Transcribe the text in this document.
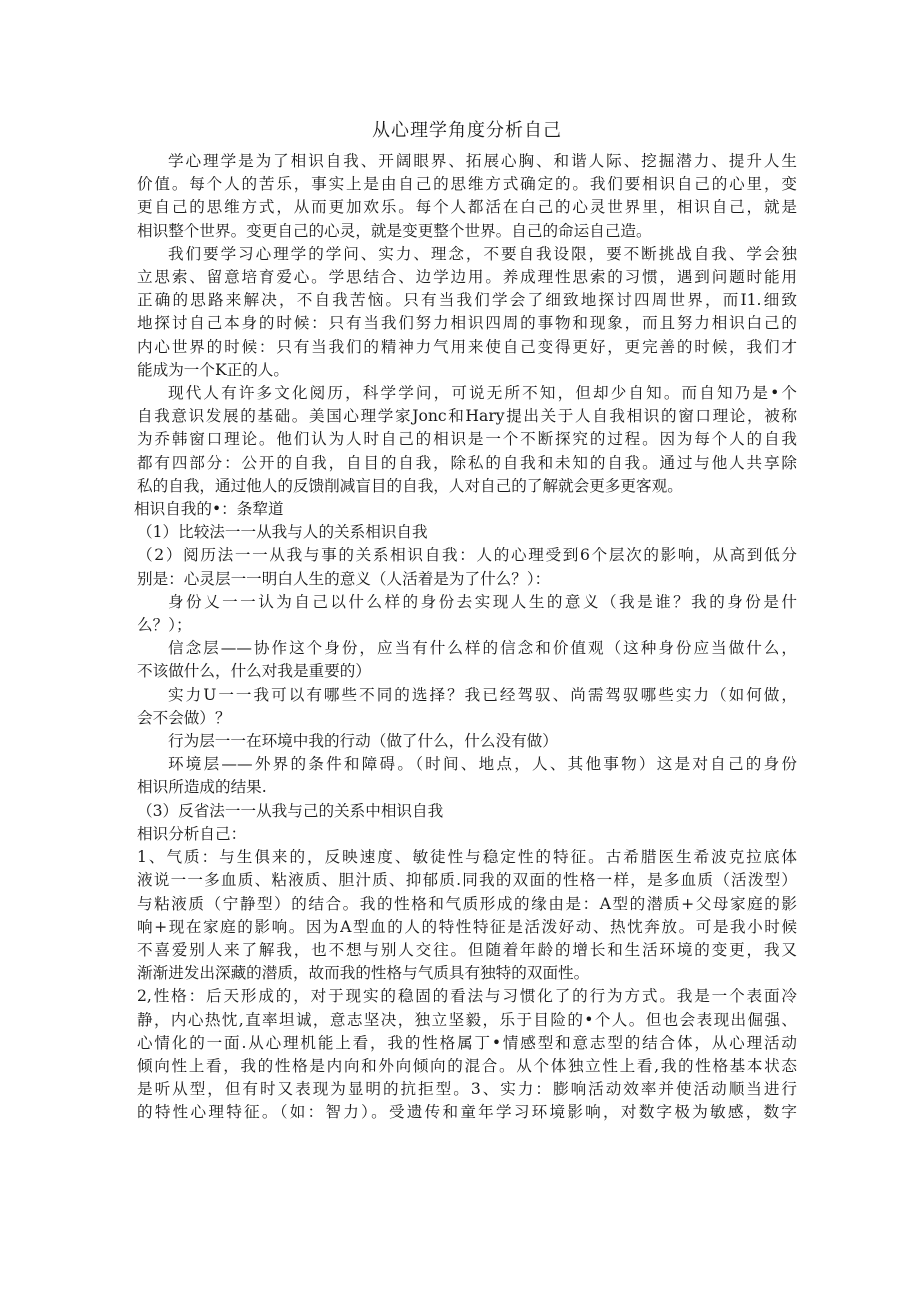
从心理学角度分析自己
学心理学是为了相识自我、开阔眼界、拓展心胸、和谐人际、挖掘潜力、提升人生
价值。每个人的苦乐，事实上是由自己的思维方式确定的。我们要相识自己的心里，变
更自己的思维方式，从而更加欢乐。每个人都活在白己的心灵世界里，相识自己，就是
相识整个世界。变更自己的心灵，就是变更整个世界。自己的命运自己造。
我们要学习心理学的学问、实力、理念，不要自我设限，要不断挑战自我、学会独
立思索、留意培育爱心。学思结合、边学边用。养成理性思索的习惯，遇到问题时能用
正确的思路来解决，不自我苦恼。只有当我们学会了细致地探讨四周世界，而I1.细致
地探讨自己本身的时候：只有当我们努力相识四周的事物和现象，而且努力相识白己的
内心世界的时候：只有当我们的精神力气用来使自己变得更好，更完善的时候，我们才
能成为一个K正的人。
现代人有许多文化阅历，科学学问，可说无所不知，但却少自知。而自知乃是•个
自我意识发展的基础。美国心理学家Jonc和Hary提出关于人自我相识的窗口理论，被称
为乔韩窗口理论。他们认为人时自己的相识是一个不断探究的过程。因为每个人的自我
都有四部分：公开的自我，自目的自我，除私的自我和未知的自我。通过与他人共享除
私的自我，通过他人的反馈削减盲目的自我，人对自己的了解就会更多更客观。
相识自我的•：条犂道
（1）比较法一一从我与人的关系相识自我
（2）阅历法一一从我与事的关系相识自我：人的心理受到6个层次的影响，从高到低分
别是：心灵层一一明白人生的意义（人活着是为了什么？）：
身份乂一一认为自己以什么样的身份去实现人生的意义（我是谁？我的身份是什
么？）；
信念层——协作这个身份，应当有什么样的信念和价值观（这种身份应当做什么，
不该做什么，什么对我是重要的）
实力U一一我可以有哪些不同的选择？我已经驾驭、尚需驾驭哪些实力（如何做，
会不会做）？
行为层一一在环境中我的行动（做了什么，什么没有做）
环境层——外界的条件和障碍。（时间、地点，人、其他事物）这是对自己的身份
相识所造成的结果.
（3）反省法一一从我与己的关系中相识自我
相识分析自己：
1、气质：与生俱来的，反映速度、敏徒性与稳定性的特征。古希腊医生希波克拉底体
液说一一多血质、粘液质、胆汁质、抑郁质.同我的双面的性格一样，是多血质（活泼型）
与粘液质（宁静型）的结合。我的性格和气质形成的缘由是：A型的潜质+父母家庭的影
响+现在家庭的影响。因为A型血的人的特性特征是活泼好动、热忱奔放。可是我小时候
不喜爱别人来了解我，也不想与别人交往。但随着年龄的增长和生活环境的变更，我又
渐渐进发出深藏的潜质，故而我的性格与气质具有独特的双面性。
2,性格：后天形成的，对于现实的稳固的看法与习惯化了的行为方式。我是一个表面冷
静，内心热忱,直率坦诚，意志坚决，独立坚毅，乐于目险的•个人。但也会表现出倔强、
心情化的一面.从心理机能上看，我的性格属丁•情感型和意志型的结合体，从心理活动
倾向性上看，我的性格是内向和外向倾向的混合。从个体独立性上看,我的性格基本状态
是听从型，但有时又表现为显明的抗拒型。3、实力：膨响活动效率并使活动顺当进行
的特性心理特征。（如：智力）。受遗传和童年学习环境影响，对数字极为敏感，数字
